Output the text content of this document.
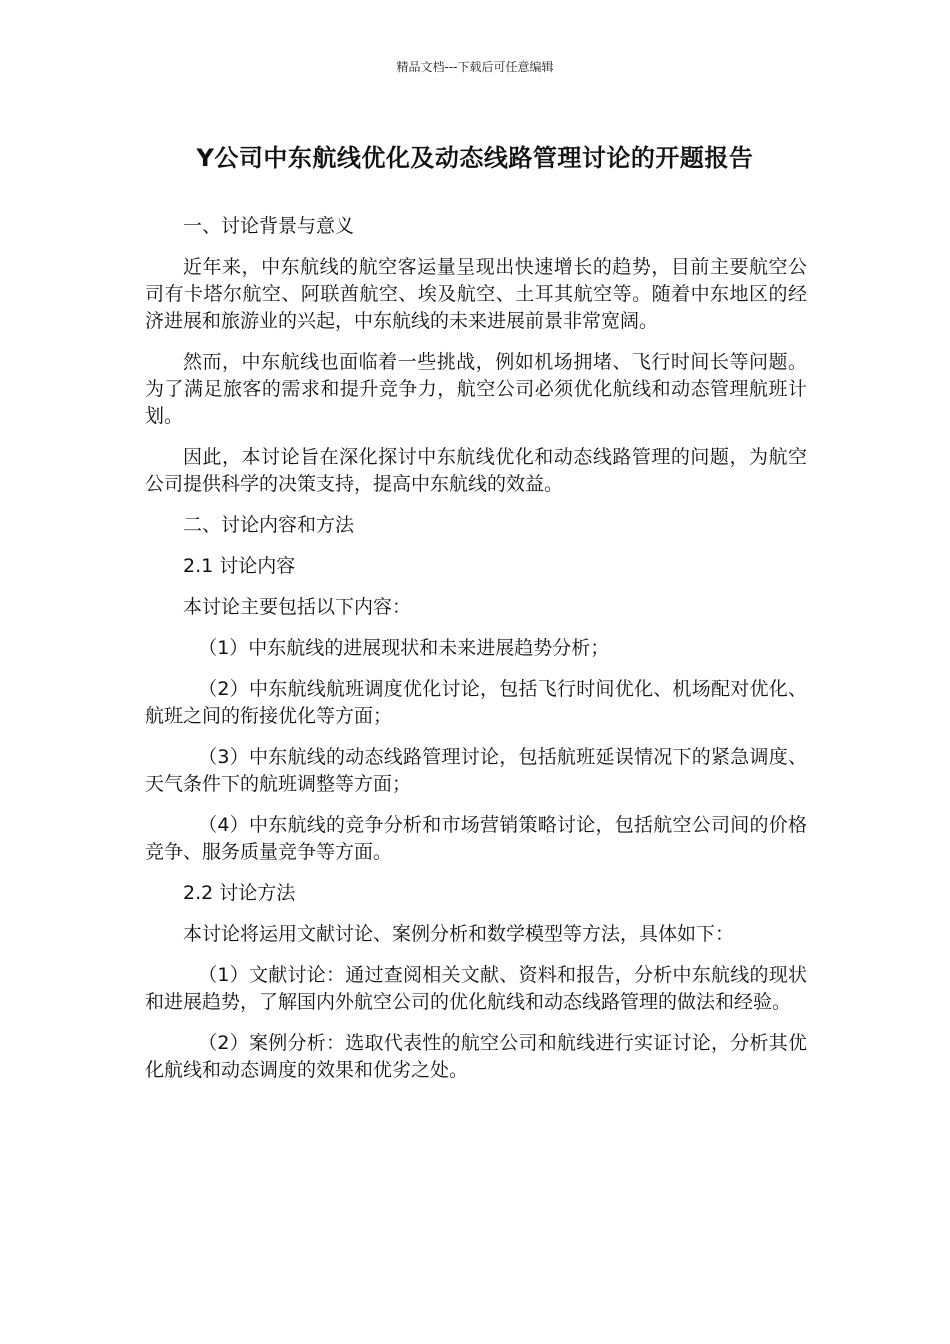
精品文档---下载后可任意编辑
Y公司中东航线优化及动态线路管理讨论的开题报告

一、讨论背景与意义

近年来，中东航线的航空客运量呈现出快速增长的趋势，目前主要航空公司有卡塔尔航空、阿联酋航空、埃及航空、土耳其航空等。随着中东地区的经济进展和旅游业的兴起，中东航线的未来进展前景非常宽阔。

然而，中东航线也面临着一些挑战，例如机场拥堵、飞行时间长等问题。为了满足旅客的需求和提升竞争力，航空公司必须优化航线和动态管理航班计划。

因此，本讨论旨在深化探讨中东航线优化和动态线路管理的问题，为航空公司提供科学的决策支持，提高中东航线的效益。

二、讨论内容和方法

2.1 讨论内容

本讨论主要包括以下内容：

（1）中东航线的进展现状和未来进展趋势分析；

（2）中东航线航班调度优化讨论，包括飞行时间优化、机场配对优化、航班之间的衔接优化等方面；

（3）中东航线的动态线路管理讨论，包括航班延误情况下的紧急调度、天气条件下的航班调整等方面；

（4）中东航线的竞争分析和市场营销策略讨论，包括航空公司间的价格竞争、服务质量竞争等方面。

2.2 讨论方法

本讨论将运用文献讨论、案例分析和数学模型等方法，具体如下：

（1）文献讨论：通过查阅相关文献、资料和报告，分析中东航线的现状和进展趋势，了解国内外航空公司的优化航线和动态线路管理的做法和经验。

（2）案例分析：选取代表性的航空公司和航线进行实证讨论，分析其优化航线和动态调度的效果和优劣之处。
